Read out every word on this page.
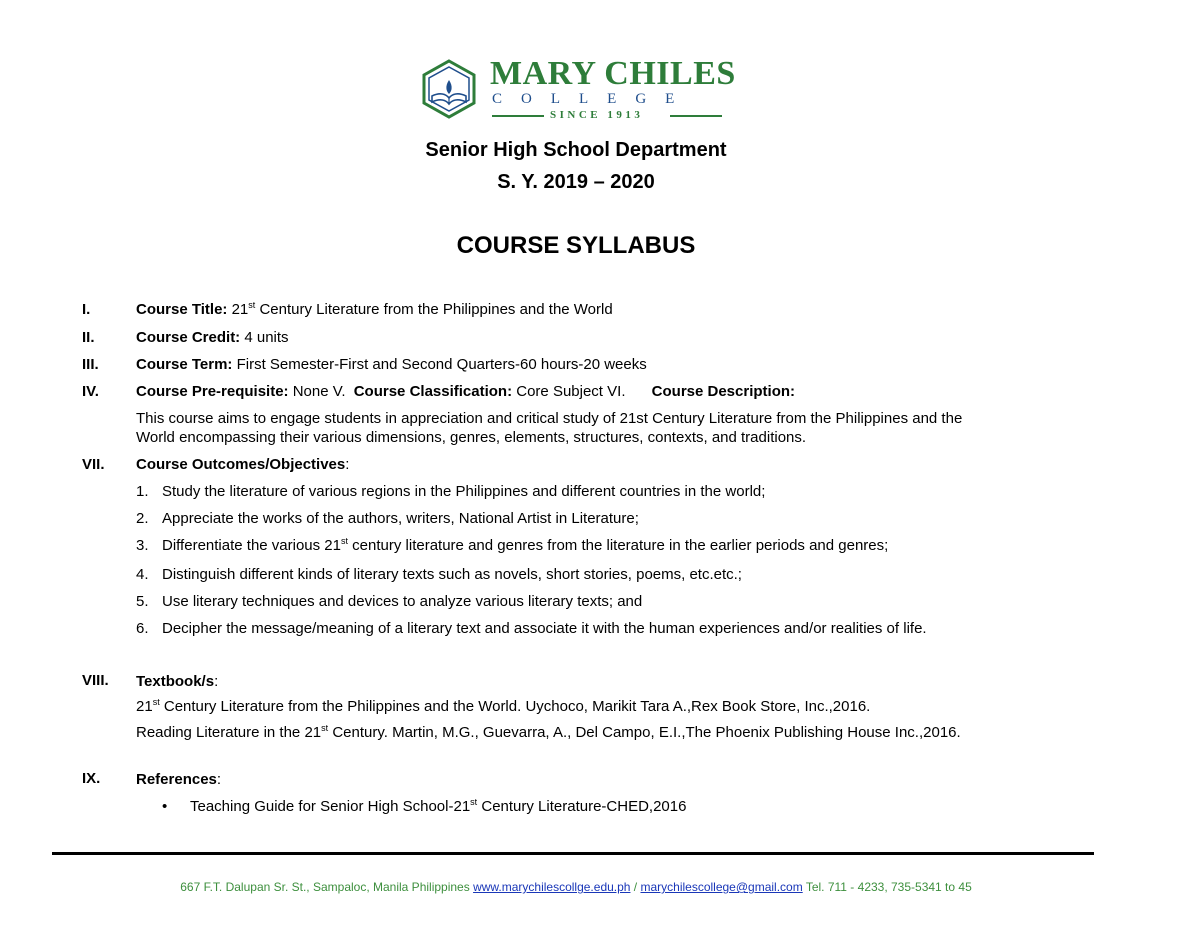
MARY CHILES
COLLEGE
SINCE 1913
Senior High School Department
S. Y. 2019 – 2020
COURSE SYLLABUS
I.	Course Title: 21st Century Literature from the Philippines and the World
II.	Course Credit: 4 units
III. Course Term: First Semester-First and Second Quarters-60 hours-20 weeks
IV. Course Pre-requisite: None V. Course Classification: Core Subject VI. Course Description:
This course aims to engage students in appreciation and critical study of 21st Century Literature from the Philippines and the
World encompassing their various dimensions, genres, elements, structures, contexts, and traditions.
VII. Course Outcomes/Objectives:
1. Study the literature of various regions in the Philippines and different countries in the world;
2. Appreciate the works of the authors, writers, National Artist in Literature;
3. Differentiate the various 21st century literature and genres from the literature in the earlier periods and genres;
4. Distinguish different kinds of literary texts such as novels, short stories, poems, etc.etc.;
5. Use literary techniques and devices to analyze various literary texts; and
6. Decipher the message/meaning of a literary text and associate it with the human experiences and/or realities of life.
VIII. Textbook/s:
21st Century Literature from the Philippines and the World. Uychoco, Marikit Tara A.,Rex Book Store, Inc.,2016.
Reading Literature in the 21st Century. Martin, M.G., Guevarra, A., Del Campo, E.I.,The Phoenix Publishing House Inc.,2016.
IX. References:
• Teaching Guide for Senior High School-21st Century Literature-CHED,2016
667 F.T. Dalupan Sr. St., Sampaloc, Manila Philippines www.marychilescollge.edu.ph / marychilescollege@gmail.com Tel. 711 - 4233, 735-5341 to 45
